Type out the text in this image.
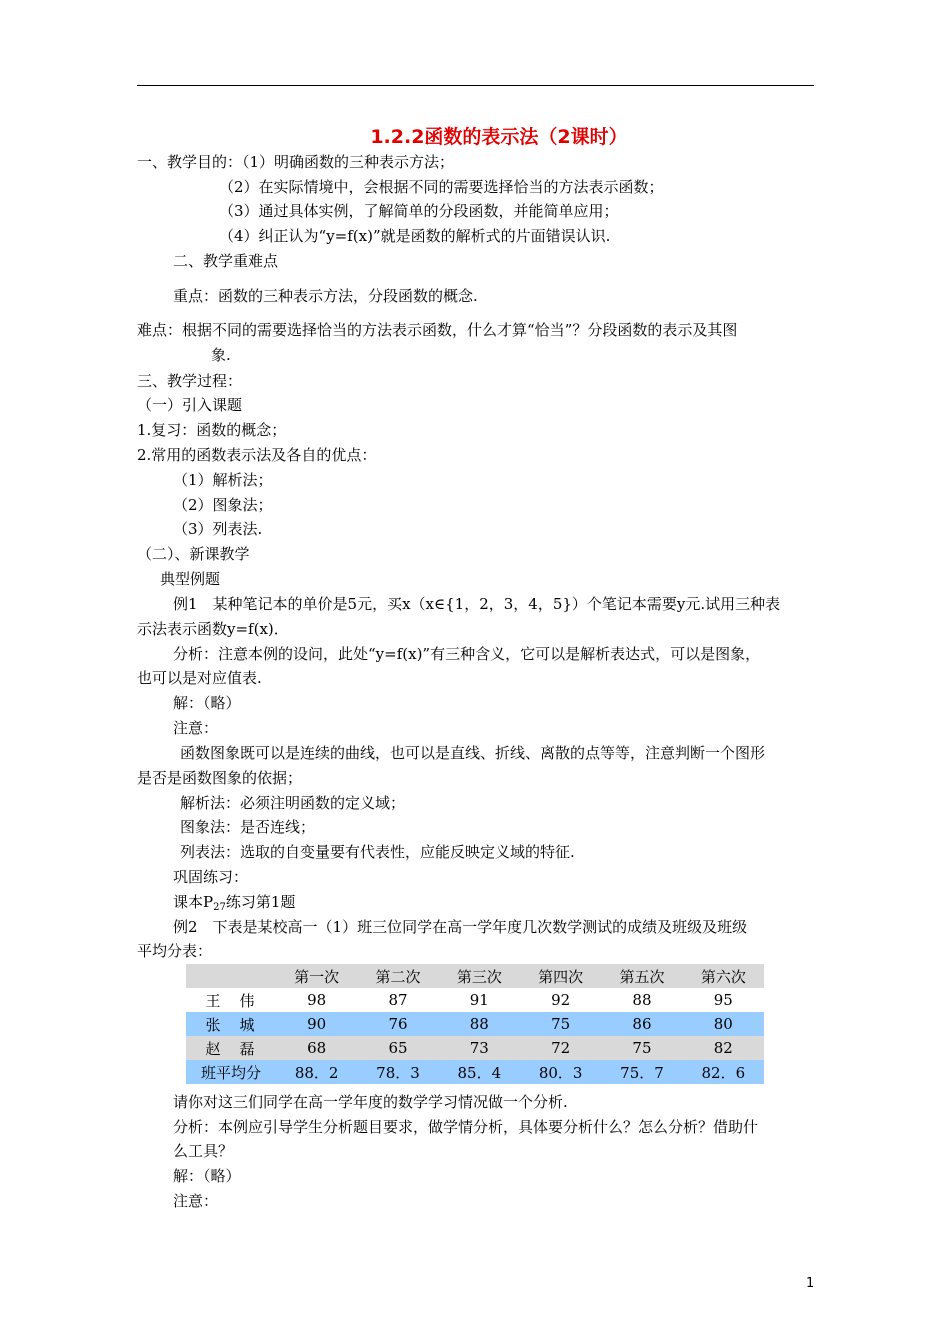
1.2.2函数的表示法（2课时）
一、教学目的：（1）明确函数的三种表示方法；
（2）在实际情境中，会根据不同的需要选择恰当的方法表示函数；
（3）通过具体实例，了解简单的分段函数，并能简单应用；
（4）纠正认为“y=f(x)”就是函数的解析式的片面错误认识.
二、教学重难点
重点：函数的三种表示方法，分段函数的概念.
难点：根据不同的需要选择恰当的方法表示函数，什么才算“恰当”？分段函数的表示及其图
象.
三、教学过程：
（一）引入课题
1.复习：函数的概念；
2.常用的函数表示法及各自的优点：
（1）解析法；
（2）图象法；
（3）列表法.
（二）、新课教学
典型例题
例1　某种笔记本的单价是5元，买x（x∈{1，2，3，4，5}）个笔记本需要y元.试用三种表
示法表示函数y=f(x)．
分析：注意本例的设问，此处“y=f(x)”有三种含义，它可以是解析表达式，可以是图象，
也可以是对应值表.
解：（略）
注意：
函数图象既可以是连续的曲线，也可以是直线、折线、离散的点等等，注意判断一个图形
是否是函数图象的依据；
解析法：必须注明函数的定义域；
图象法：是否连线；
列表法：选取的自变量要有代表性，应能反映定义域的特征.
巩固练习：
课本$P_{27}$练习第1题
例2　下表是某校高一（1）班三位同学在高一学年度几次数学测试的成绩及班级及班级
平均分表：
	第一次	第二次	第三次	第四次	第五次	第六次
王　伟	98	87	91	92	88	95
张　城	90	76	88	75	86	80
赵　磊	68	65	73	72	75	82
班平均分	88．2	78．3	85．4	80．3	75．7	82．6
请你对这三们同学在高一学年度的数学学习情况做一个分析.
分析：本例应引导学生分析题目要求，做学情分析，具体要分析什么？怎么分析？借助什
么工具？
解：（略）
注意：
1
